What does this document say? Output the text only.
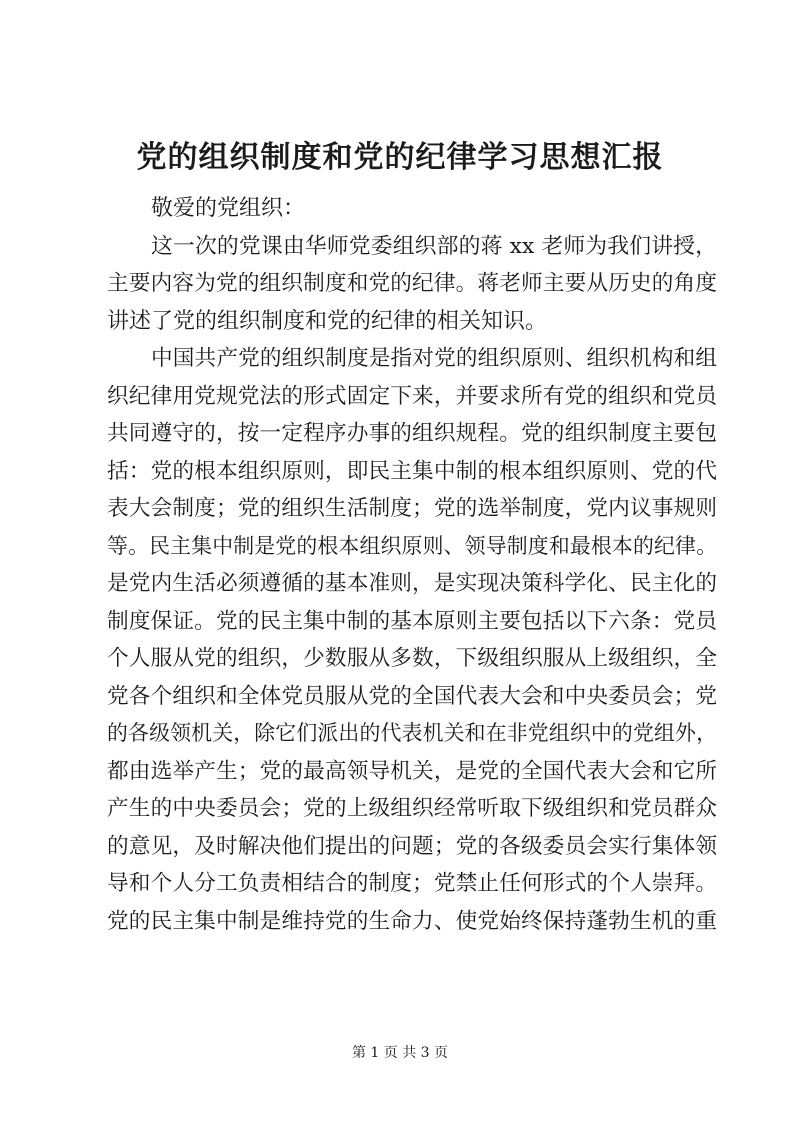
党的组织制度和党的纪律学习思想汇报
敬爱的党组织：
这一次的党课由华师党委组织部的蒋 xx 老师为我们讲授，
主要内容为党的组织制度和党的纪律。蒋老师主要从历史的角度
讲述了党的组织制度和党的纪律的相关知识。
中国共产党的组织制度是指对党的组织原则、组织机构和组
织纪律用党规党法的形式固定下来，并要求所有党的组织和党员
共同遵守的，按一定程序办事的组织规程。党的组织制度主要包
括：党的根本组织原则，即民主集中制的根本组织原则、党的代
表大会制度；党的组织生活制度；党的选举制度，党内议事规则
等。民主集中制是党的根本组织原则、领导制度和最根本的纪律。
是党内生活必须遵循的基本准则，是实现决策科学化、民主化的
制度保证。党的民主集中制的基本原则主要包括以下六条：党员
个人服从党的组织，少数服从多数，下级组织服从上级组织，全
党各个组织和全体党员服从党的全国代表大会和中央委员会；党
的各级领机关，除它们派出的代表机关和在非党组织中的党组外，
都由选举产生；党的最高领导机关，是党的全国代表大会和它所
产生的中央委员会；党的上级组织经常听取下级组织和党员群众
的意见，及时解决他们提出的问题；党的各级委员会实行集体领
导和个人分工负责相结合的制度；党禁止任何形式的个人崇拜。
党的民主集中制是维持党的生命力、使党始终保持蓬勃生机的重
第 1 页 共 3 页
